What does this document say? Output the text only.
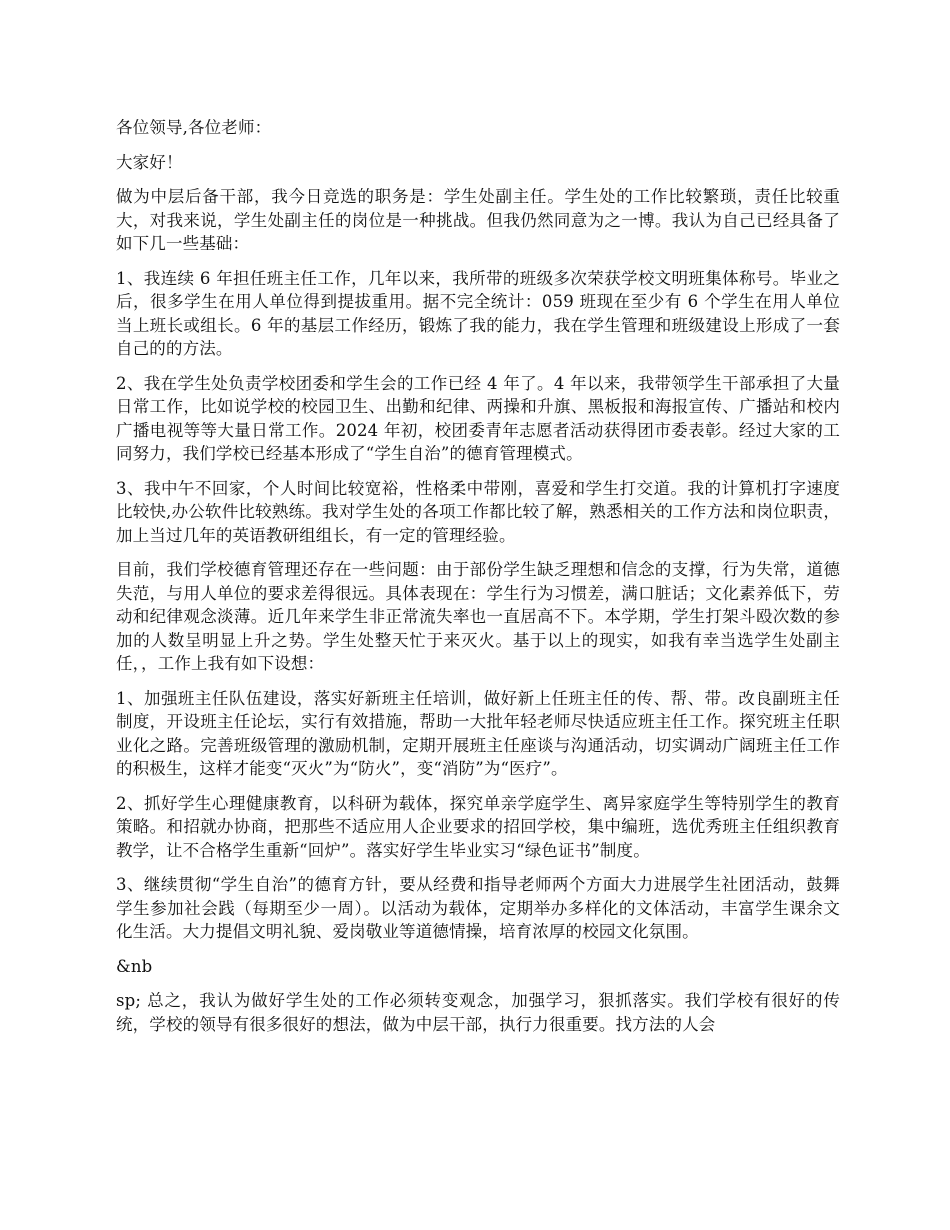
各位领导,各位老师：

大家好！

做为中层后备干部，我今日竞选的职务是：学生处副主任。学生处的工作比较繁琐，责任比较重大，对我来说，学生处副主任的岗位是一种挑战。但我仍然同意为之一博。我认为自己已经具备了如下几一些基础：

1、我连续 6 年担任班主任工作，几年以来，我所带的班级多次荣获学校文明班集体称号。毕业之后，很多学生在用人单位得到提拔重用。据不完全统计：059 班现在至少有 6 个学生在用人单位当上班长或组长。6 年的基层工作经历，锻炼了我的能力，我在学生管理和班级建设上形成了一套自己的的方法。

2、我在学生处负责学校团委和学生会的工作已经 4 年了。4 年以来，我带领学生干部承担了大量日常工作，比如说学校的校园卫生、出勤和纪律、两操和升旗、黑板报和海报宣传、广播站和校内广播电视等等大量日常工作。2024 年初，校团委青年志愿者活动获得团市委表彰。经过大家的工同努力，我们学校已经基本形成了“学生自治”的德育管理模式。

3、我中午不回家，个人时间比较宽裕，性格柔中带刚，喜爱和学生打交道。我的计算机打字速度比较快,办公软件比较熟练。我对学生处的各项工作都比较了解，熟悉相关的工作方法和岗位职责，加上当过几年的英语教研组组长，有一定的管理经验。

目前，我们学校德育管理还存在一些问题：由于部份学生缺乏理想和信念的支撑，行为失常，道德失范，与用人单位的要求差得很远。具体表现在：学生行为习惯差，满口脏话；文化素养低下，劳动和纪律观念淡薄。近几年来学生非正常流失率也一直居高不下。本学期，学生打架斗殴次数的参加的人数呈明显上升之势。学生处整天忙于来灭火。基于以上的现实，如我有幸当选学生处副主任，，工作上我有如下设想：

1、加强班主任队伍建设，落实好新班主任培训，做好新上任班主任的传、帮、带。改良副班主任制度，开设班主任论坛，实行有效措施，帮助一大批年轻老师尽快适应班主任工作。探究班主任职业化之路。完善班级管理的激励机制，定期开展班主任座谈与沟通活动，切实调动广阔班主任工作的积极生，这样才能变“灭火”为“防火”，变“消防”为“医疗”。

2、抓好学生心理健康教育，以科研为载体，探究单亲学庭学生、离异家庭学生等特别学生的教育策略。和招就办协商，把那些不适应用人企业要求的招回学校，集中编班，选优秀班主任组织教育教学，让不合格学生重新“回炉”。落实好学生毕业实习“绿色证书”制度。

3、继续贯彻“学生自治”的德育方针，要从经费和指导老师两个方面大力进展学生社团活动，鼓舞学生参加社会践（每期至少一周）。以活动为载体，定期举办多样化的文体活动，丰富学生课余文化生活。大力提倡文明礼貌、爱岗敬业等道德情操，培育浓厚的校园文化氛围。

&nb

sp; 总之，我认为做好学生处的工作必须转变观念，加强学习，狠抓落实。我们学校有很好的传统，学校的领导有很多很好的想法，做为中层干部，执行力很重要。找方法的人会
